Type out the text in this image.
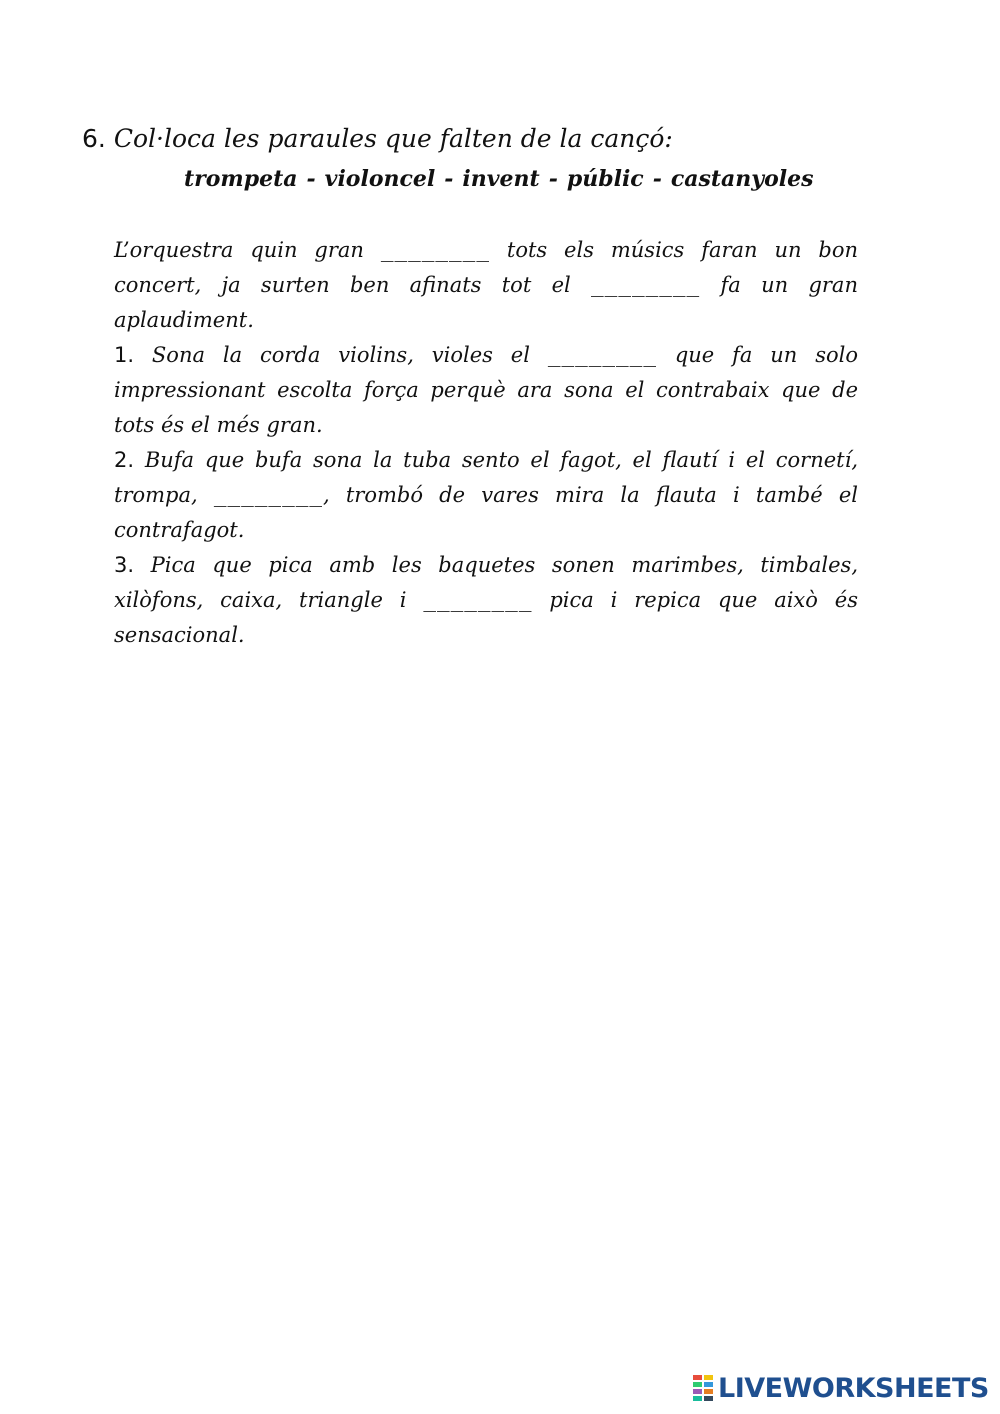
6. Col·loca les paraules que falten de la cançó:
trompeta - violoncel - invent - públic - castanyoles

L’orquestra quin gran ________ tots els músics faran un bon concert, ja surten ben afinats tot el ________ fa un gran aplaudiment.

1. Sona la corda violins, violes el ________ que fa un solo impressionant escolta força perquè ara sona el contrabaix que de tots és el més gran.

2. Bufa que bufa sona la tuba sento el fagot, el flautí i el cornetí, trompa, ________, trombó de vares mira la flauta i també el contrafagot.

3. Pica que pica amb les baquetes sonen marimbes, timbales, xilòfons, caixa, triangle i ________ pica i repica que això és sensacional.

LIVEWORKSHEETS
